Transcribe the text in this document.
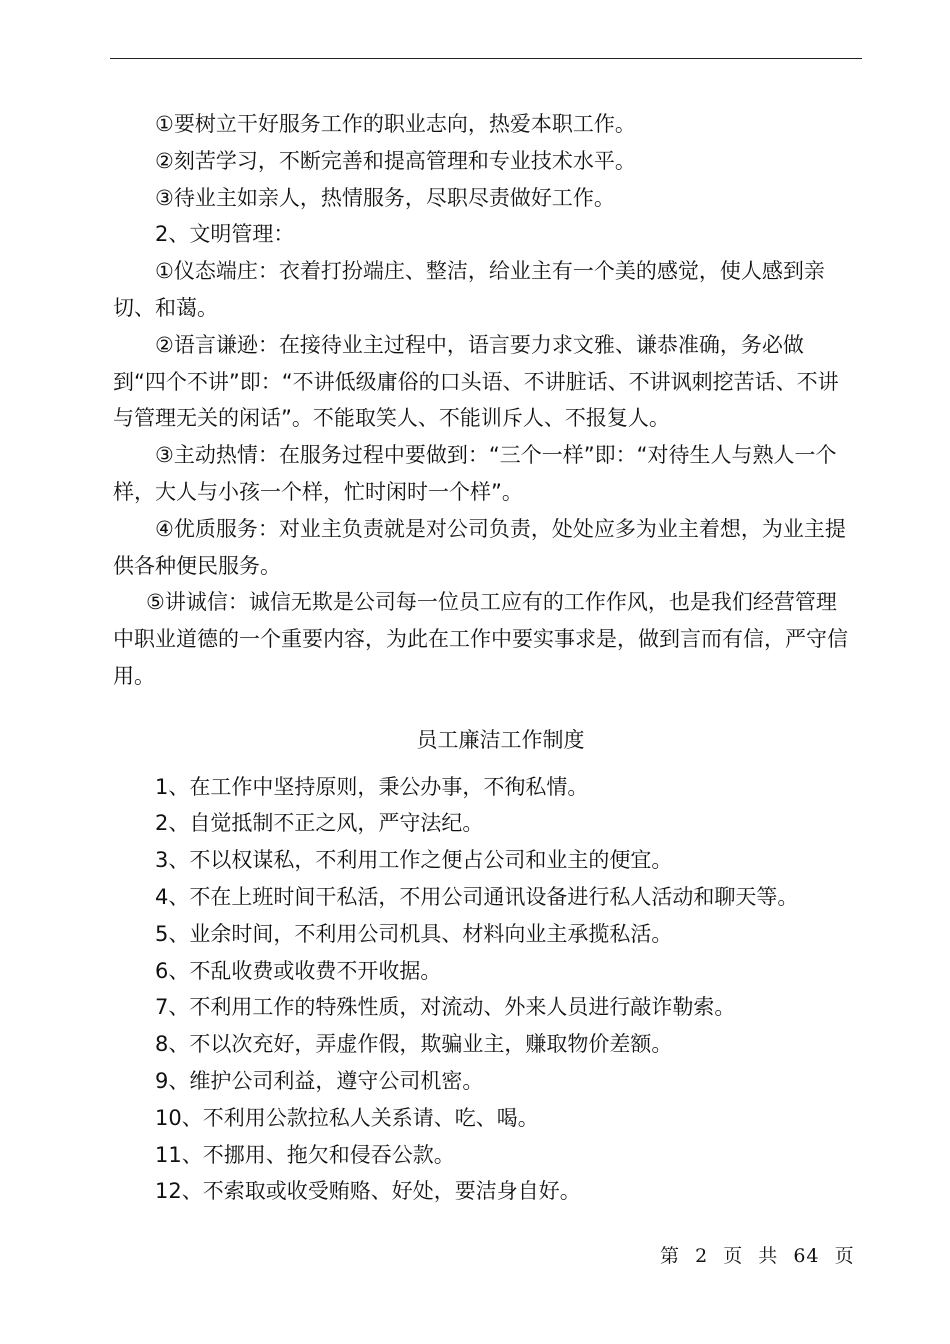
①要树立干好服务工作的职业志向，热爱本职工作。

②刻苦学习，不断完善和提高管理和专业技术水平。

③待业主如亲人，热情服务，尽职尽责做好工作。

2、文明管理：

①仪态端庄：衣着打扮端庄、整洁，给业主有一个美的感觉，使人感到亲切、和蔼。

②语言谦逊：在接待业主过程中，语言要力求文雅、谦恭准确，务必做到“四个不讲”即：“不讲低级庸俗的口头语、不讲脏话、不讲讽刺挖苦话、不讲与管理无关的闲话”。不能取笑人、不能训斥人、不报复人。

③主动热情：在服务过程中要做到：“三个一样”即：“对待生人与熟人一个样，大人与小孩一个样，忙时闲时一个样”。

④优质服务：对业主负责就是对公司负责，处处应多为业主着想，为业主提供各种便民服务。

⑤讲诚信：诚信无欺是公司每一位员工应有的工作作风，也是我们经营管理中职业道德的一个重要内容，为此在工作中要实事求是，做到言而有信，严守信用。

员工廉洁工作制度

1、在工作中坚持原则，秉公办事，不徇私情。
2、自觉抵制不正之风，严守法纪。
3、不以权谋私，不利用工作之便占公司和业主的便宜。
4、不在上班时间干私活，不用公司通讯设备进行私人活动和聊天等。
5、业余时间，不利用公司机具、材料向业主承揽私活。
6、不乱收费或收费不开收据。
7、不利用工作的特殊性质，对流动、外来人员进行敲诈勒索。
8、不以次充好，弄虚作假，欺骗业主，赚取物价差额。
9、维护公司利益，遵守公司机密。
10、不利用公款拉私人关系请、吃、喝。
11、不挪用、拖欠和侵吞公款。
12、不索取或收受贿赂、好处，要洁身自好。
第 2 页 共 64 页
